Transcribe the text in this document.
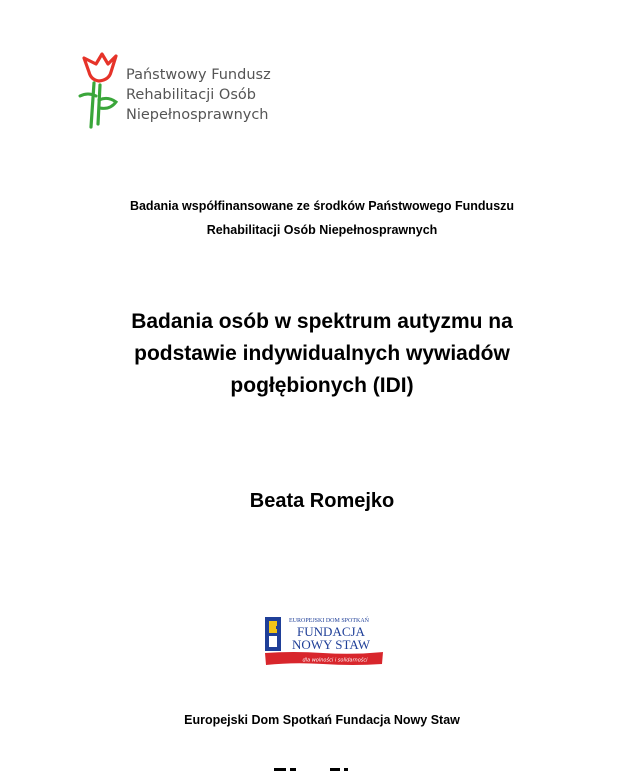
Państwowy Fundusz
Rehabilitacji Osób
Niepełnosprawnych
Badania współfinansowane ze środków Państwowego Funduszu
Rehabilitacji Osób Niepełnosprawnych
Badania osób w spektrum autyzmu na
podstawie indywidualnych wywiadów
pogłębionych (IDI)
Beata Romejko
EUROPEJSKI DOM SPOTKAŃ
FUNDACJA
NOWY STAW
dla wolności i solidarności
Europejski Dom Spotkań Fundacja Nowy Staw
